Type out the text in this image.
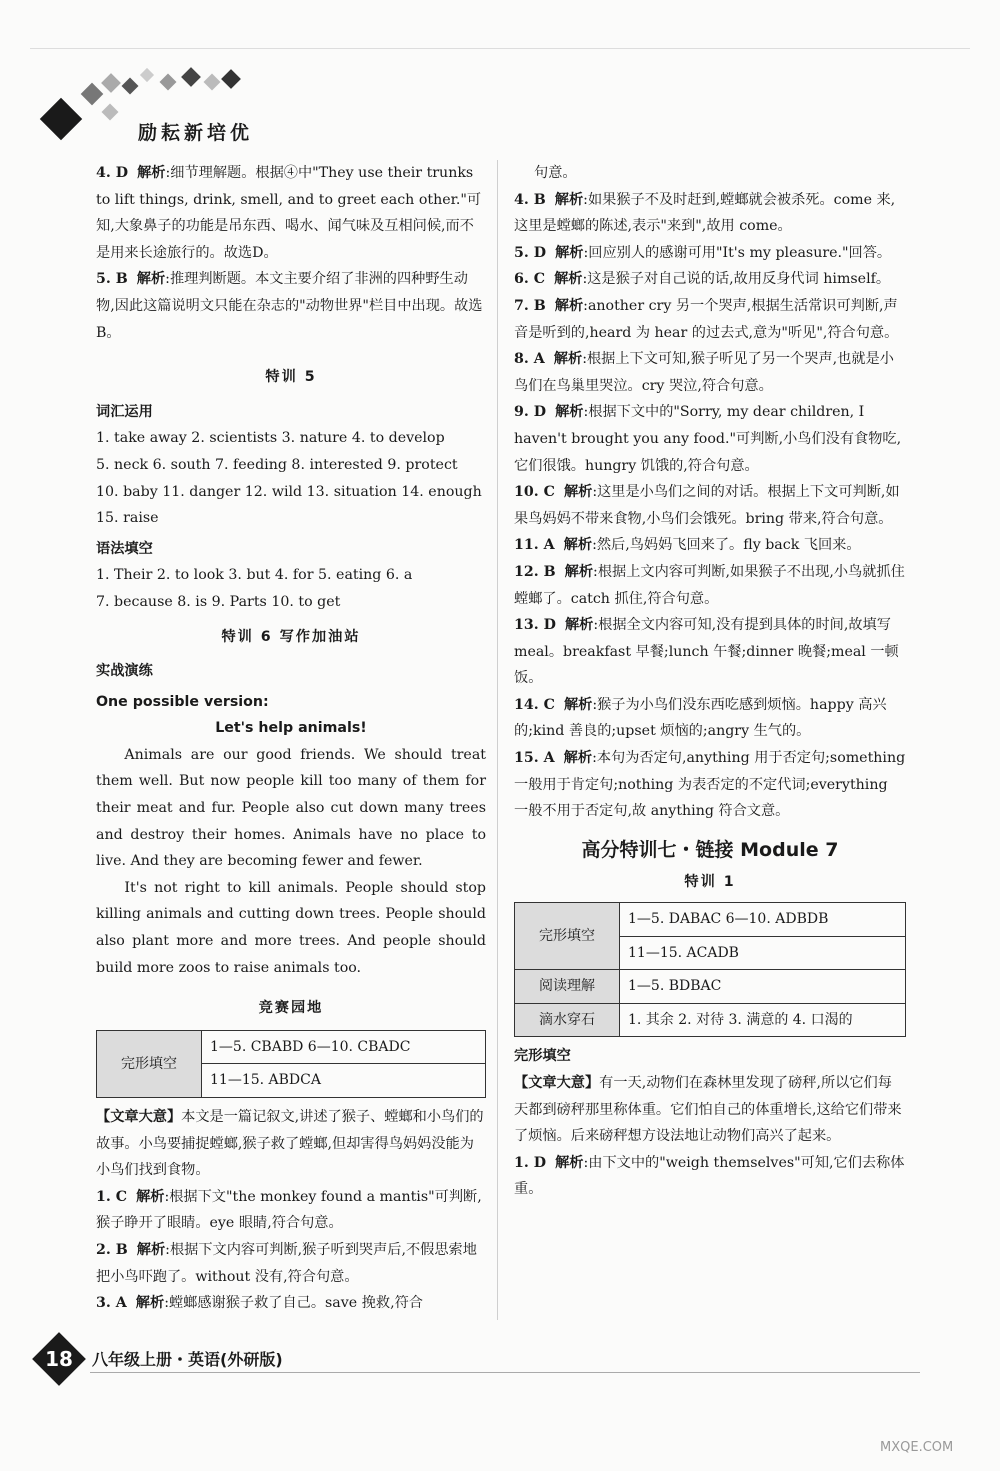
励耘新培优

4. D 解析:细节理解题。根据④中"They use their trunks to lift things, drink, smell, and to greet each other."可知,大象鼻子的功能是吊东西、喝水、闻气味及互相问候,而不是用来长途旅行的。故选D。

5. B 解析:推理判断题。本文主要介绍了非洲的四种野生动物,因此这篇说明文只能在杂志的"动物世界"栏目中出现。故选B。

特训 5
词汇运用
1. take away 2. scientists 3. nature 4. to develop
5. neck 6. south 7. feeding 8. interested 9. protect
10. baby 11. danger 12. wild 13. situation 14. enough
15. raise
语法填空
1. Their 2. to look 3. but 4. for 5. eating 6. a
7. because 8. is 9. Parts 10. to get
特训 6 写作加油站
实战演练
One possible version:
Let's help animals!

Animals are our good friends. We should treat them well. But now people kill too many of them for their meat and fur. People also cut down many trees and destroy their homes. Animals have no place to live. And they are becoming fewer and fewer.

It's not right to kill animals. People should stop killing animals and cutting down trees. People should also plant more and more trees. And people should build more zoos to raise animals too.

竞赛园地
完形填空	1—5. CBABD 6—10. CBADC
11—15. ABDCA

【文章大意】本文是一篇记叙文,讲述了猴子、螳螂和小鸟们的故事。小鸟要捕捉螳螂,猴子救了螳螂,但却害得鸟妈妈没能为小鸟们找到食物。

1. C 解析:根据下文"the monkey found a mantis"可判断,猴子睁开了眼睛。eye 眼睛,符合句意。

2. B 解析:根据下文内容可判断,猴子听到哭声后,不假思索地把小鸟吓跑了。without 没有,符合句意。

3. A 解析:螳螂感谢猴子救了自己。save 挽救,符合

句意。

4. B 解析:如果猴子不及时赶到,螳螂就会被杀死。come 来,这里是螳螂的陈述,表示"来到",故用 come。

5. D 解析:回应别人的感谢可用"It's my pleasure."回答。

6. C 解析:这是猴子对自己说的话,故用反身代词 himself。

7. B 解析:another cry 另一个哭声,根据生活常识可判断,声音是听到的,heard 为 hear 的过去式,意为"听见",符合句意。

8. A 解析:根据上下文可知,猴子听见了另一个哭声,也就是小鸟们在鸟巢里哭泣。cry 哭泣,符合句意。

9. D 解析:根据下文中的"Sorry, my dear children, I haven't brought you any food."可判断,小鸟们没有食物吃,它们很饿。hungry 饥饿的,符合句意。

10. C 解析:这里是小鸟们之间的对话。根据上下文可判断,如果鸟妈妈不带来食物,小鸟们会饿死。bring 带来,符合句意。

11. A 解析:然后,鸟妈妈飞回来了。fly back 飞回来。

12. B 解析:根据上文内容可判断,如果猴子不出现,小鸟就抓住螳螂了。catch 抓住,符合句意。

13. D 解析:根据全文内容可知,没有提到具体的时间,故填写 meal。breakfast 早餐;lunch 午餐;dinner 晚餐;meal 一顿饭。

14. C 解析:猴子为小鸟们没东西吃感到烦恼。happy 高兴的;kind 善良的;upset 烦恼的;angry 生气的。

15. A 解析:本句为否定句,anything 用于否定句;something 一般用于肯定句;nothing 为表否定的不定代词;everything 一般不用于否定句,故 anything 符合文意。

高分特训七・链接 Module 7
特训 1
完形填空	1—5. DABAC 6—10. ADBDB
	11—15. ACADB
阅读理解	1—5. BDBAC
滴水穿石	1. 其余 2. 对待 3. 满意的 4. 口渴的
完形填空

【文章大意】有一天,动物们在森林里发现了磅秤,所以它们每天都到磅秤那里称体重。它们怕自己的体重增长,这给它们带来了烦恼。后来磅秤想方设法地让动物们高兴了起来。

1. D 解析:由下文中的"weigh themselves"可知,它们去称体重。

18	八年级上册・英语(外研版)
MXQE.COM
